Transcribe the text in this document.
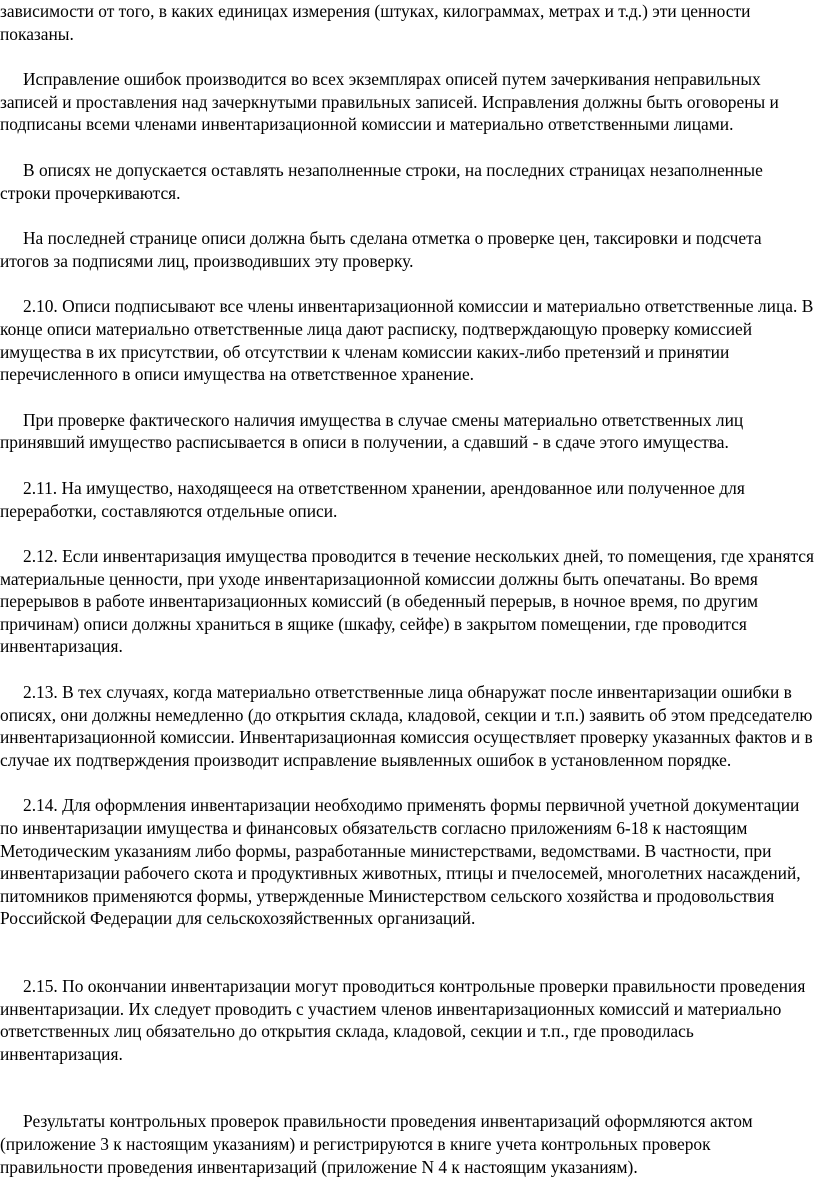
зависимости от того, в каких единицах измерения (штуках, килограммах, метрах и т.д.) эти ценности показаны.

Исправление ошибок производится во всех экземплярах описей путем зачеркивания неправильных записей и проставления над зачеркнутыми правильных записей. Исправления должны быть оговорены и подписаны всеми членами инвентаризационной комиссии и материально ответственными лицами.

В описях не допускается оставлять незаполненные строки, на последних страницах незаполненные строки прочеркиваются.

На последней странице описи должна быть сделана отметка о проверке цен, таксировки и подсчета итогов за подписями лиц, производивших эту проверку.

2.10. Описи подписывают все члены инвентаризационной комиссии и материально ответственные лица. В конце описи материально ответственные лица дают расписку, подтверждающую проверку комиссией имущества в их присутствии, об отсутствии к членам комиссии каких-либо претензий и принятии перечисленного в описи имущества на ответственное хранение.

При проверке фактического наличия имущества в случае смены материально ответственных лиц принявший имущество расписывается в описи в получении, а сдавший - в сдаче этого имущества.

2.11. На имущество, находящееся на ответственном хранении, арендованное или полученное для переработки, составляются отдельные описи.

2.12. Если инвентаризация имущества проводится в течение нескольких дней, то помещения, где хранятся материальные ценности, при уходе инвентаризационной комиссии должны быть опечатаны. Во время перерывов в работе инвентаризационных комиссий (в обеденный перерыв, в ночное время, по другим причинам) описи должны храниться в ящике (шкафу, сейфе) в закрытом помещении, где проводится инвентаризация.

2.13. В тех случаях, когда материально ответственные лица обнаружат после инвентаризации ошибки в описях, они должны немедленно (до открытия склада, кладовой, секции и т.п.) заявить об этом председателю инвентаризационной комиссии. Инвентаризационная комиссия осуществляет проверку указанных фактов и в случае их подтверждения производит исправление выявленных ошибок в установленном порядке.

2.14. Для оформления инвентаризации необходимо применять формы первичной учетной документации по инвентаризации имущества и финансовых обязательств согласно приложениям 6-18 к настоящим Методическим указаниям либо формы, разработанные министерствами, ведомствами. В частности, при инвентаризации рабочего скота и продуктивных животных, птицы и пчелосемей, многолетних насаждений, питомников применяются формы, утвержденные Министерством сельского хозяйства и продовольствия Российской Федерации для сельскохозяйственных организаций.

2.15. По окончании инвентаризации могут проводиться контрольные проверки правильности проведения инвентаризации. Их следует проводить с участием членов инвентаризационных комиссий и материально ответственных лиц обязательно до открытия склада, кладовой, секции и т.п., где проводилась инвентаризация.

Результаты контрольных проверок правильности проведения инвентаризаций оформляются актом (приложение 3 к настоящим указаниям) и регистрируются в книге учета контрольных проверок правильности проведения инвентаризаций (приложение N 4 к настоящим указаниям).
